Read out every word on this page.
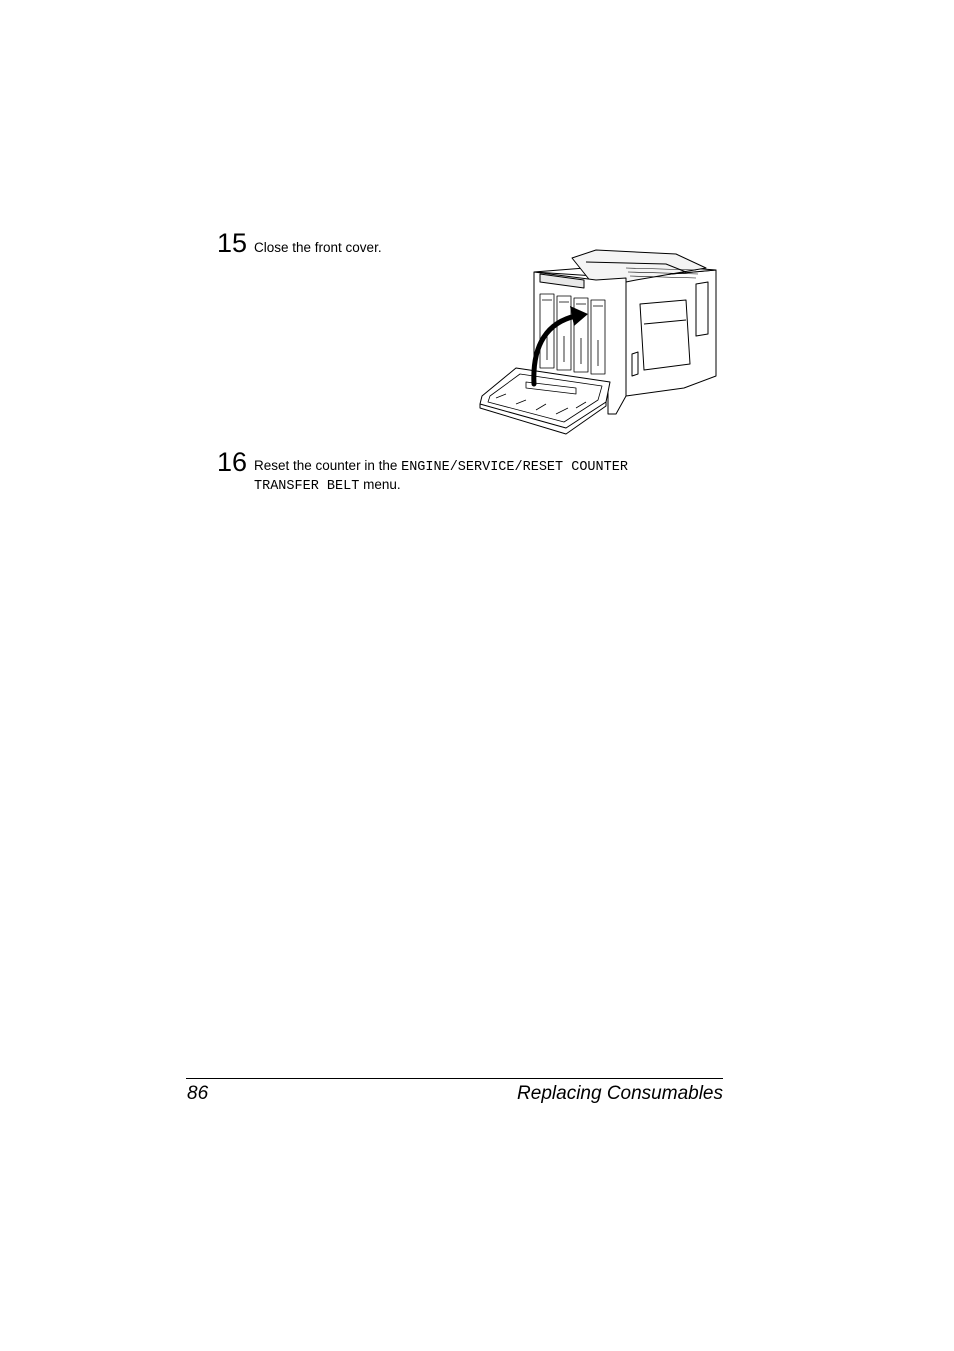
15 Close the front cover.
16 Reset the counter in the ENGINE/SERVICE/RESET COUNTER
TRANSFER BELT menu.
86	Replacing Consumables
